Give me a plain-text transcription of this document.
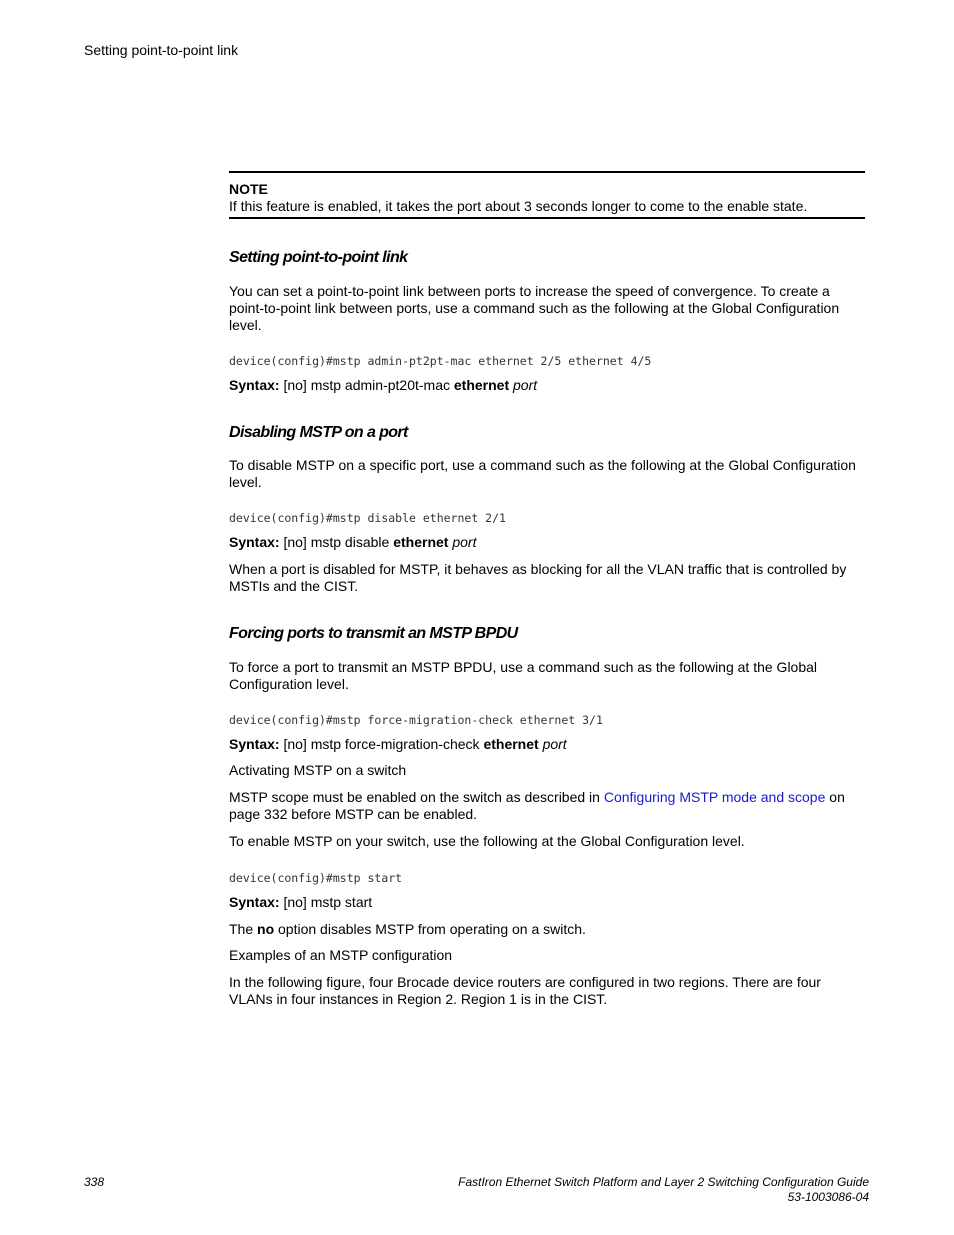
Setting point-to-point link
NOTE
If this feature is enabled, it takes the port about 3 seconds longer to come to the enable state.
Setting point-to-point link

You can set a point-to-point link between ports to increase the speed of convergence. To create a point-to-point link between ports, use a command such as the following at the Global Configuration level.

device(config)#mstp admin-pt2pt-mac ethernet 2/5 ethernet 4/5

Syntax: [no] mstp admin-pt20t-mac ethernet port

Disabling MSTP on a port

To disable MSTP on a specific port, use a command such as the following at the Global Configuration level.

device(config)#mstp disable ethernet 2/1

Syntax: [no] mstp disable ethernet port

When a port is disabled for MSTP, it behaves as blocking for all the VLAN traffic that is controlled by MSTIs and the CIST.

Forcing ports to transmit an MSTP BPDU

To force a port to transmit an MSTP BPDU, use a command such as the following at the Global Configuration level.

device(config)#mstp force-migration-check ethernet 3/1

Syntax: [no] mstp force-migration-check ethernet port

Activating MSTP on a switch

MSTP scope must be enabled on the switch as described in Configuring MSTP mode and scope on page 332 before MSTP can be enabled.

To enable MSTP on your switch, use the following at the Global Configuration level.

device(config)#mstp start

Syntax: [no] mstp start

The no option disables MSTP from operating on a switch.

Examples of an MSTP configuration

In the following figure, four Brocade device routers are configured in two regions. There are four VLANs in four instances in Region 2. Region 1 is in the CIST.

338	FastIron Ethernet Switch Platform and Layer 2 Switching Configuration Guide
53-1003086-04
